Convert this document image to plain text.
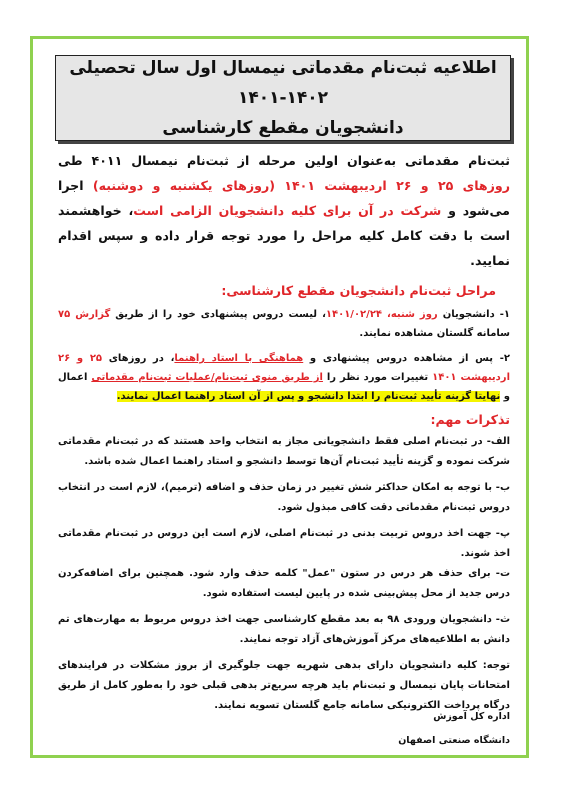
اطلاعیه ثبت‌نام مقدماتی نیمسال اول سال تحصیلی ۱۴۰۲-۱۴۰۱
دانشجویان مقطع کارشناسی

ثبت‌نام مقدماتی به‌عنوان اولین مرحله از ثبت‌نام نیمسال ۴۰۱۱ طی روزهای ۲۵ و ۲۶ اردیبهشت ۱۴۰۱ (روزهای یکشنبه و دوشنبه) اجرا می‌شود و شرکت در آن برای کلیه دانشجویان الزامی است، خواهشمند است با دقت کامل کلیه مراحل را مورد توجه قرار داده و سپس اقدام نمایید.

مراحل ثبت‌نام دانشجویان مقطع کارشناسی:

۱- دانشجویان روز شنبه، ۱۴۰۱/۰۲/۲۴، لیست دروس پیشنهادی خود را از طریق گزارش ۷۵ سامانه گلستان مشاهده نمایند.

۲- پس از مشاهده دروس پیشنهادی و هماهنگی با استاد راهنما، در روزهای ۲۵ و ۲۶ اردیبهشت ۱۴۰۱ تغییرات مورد نظر را از طریق منوی ثبت‌نام/عملیات ثبت‌نام مقدماتی اعمال و نهایتا گزینه تأیید ثبت‌نام را ابتدا دانشجو و پس از آن استاد راهنما اعمال نمایند.

تذکرات مهم:

الف- در ثبت‌نام اصلی فقط دانشجویانی مجاز به انتخاب واحد هستند که در ثبت‌نام مقدماتی شرکت نموده و گزینه تأیید ثبت‌نام آن‌ها توسط دانشجو و استاد راهنما اعمال شده باشد.

ب- با توجه به امکان حداکثر شش تغییر در زمان حذف و اضافه (ترمیم)، لازم است در انتخاب دروس ثبت‌نام مقدماتی دقت کافی مبذول شود.

پ- جهت اخذ دروس تربیت بدنی در ثبت‌نام اصلی، لازم است این دروس در ثبت‌نام مقدماتی اخذ شوند.

ت- برای حذف هر درس در ستون "عمل" کلمه حذف وارد شود. همچنین برای اضافه‌کردن درس جدید از محل پیش‌بینی شده در پایین لیست استفاده شود.

ث- دانشجویان ورودی ۹۸ به بعد مقطع کارشناسی جهت اخذ دروس مربوط به مهارت‌های تم دانش به اطلاعیه‌های مرکز آموزش‌های آزاد توجه نمایند.

توجه: کلیه دانشجویان دارای بدهی شهریه جهت جلوگیری از بروز مشکلات در فرایندهای امتحانات پایان نیمسال و ثبت‌نام باید هرچه سریع‌تر بدهی قبلی خود را به‌طور کامل از طریق درگاه پرداخت الکترونیکی سامانه جامع گلستان تسویه نمایند.

اداره کل آموزش
دانشگاه صنعتی اصفهان
